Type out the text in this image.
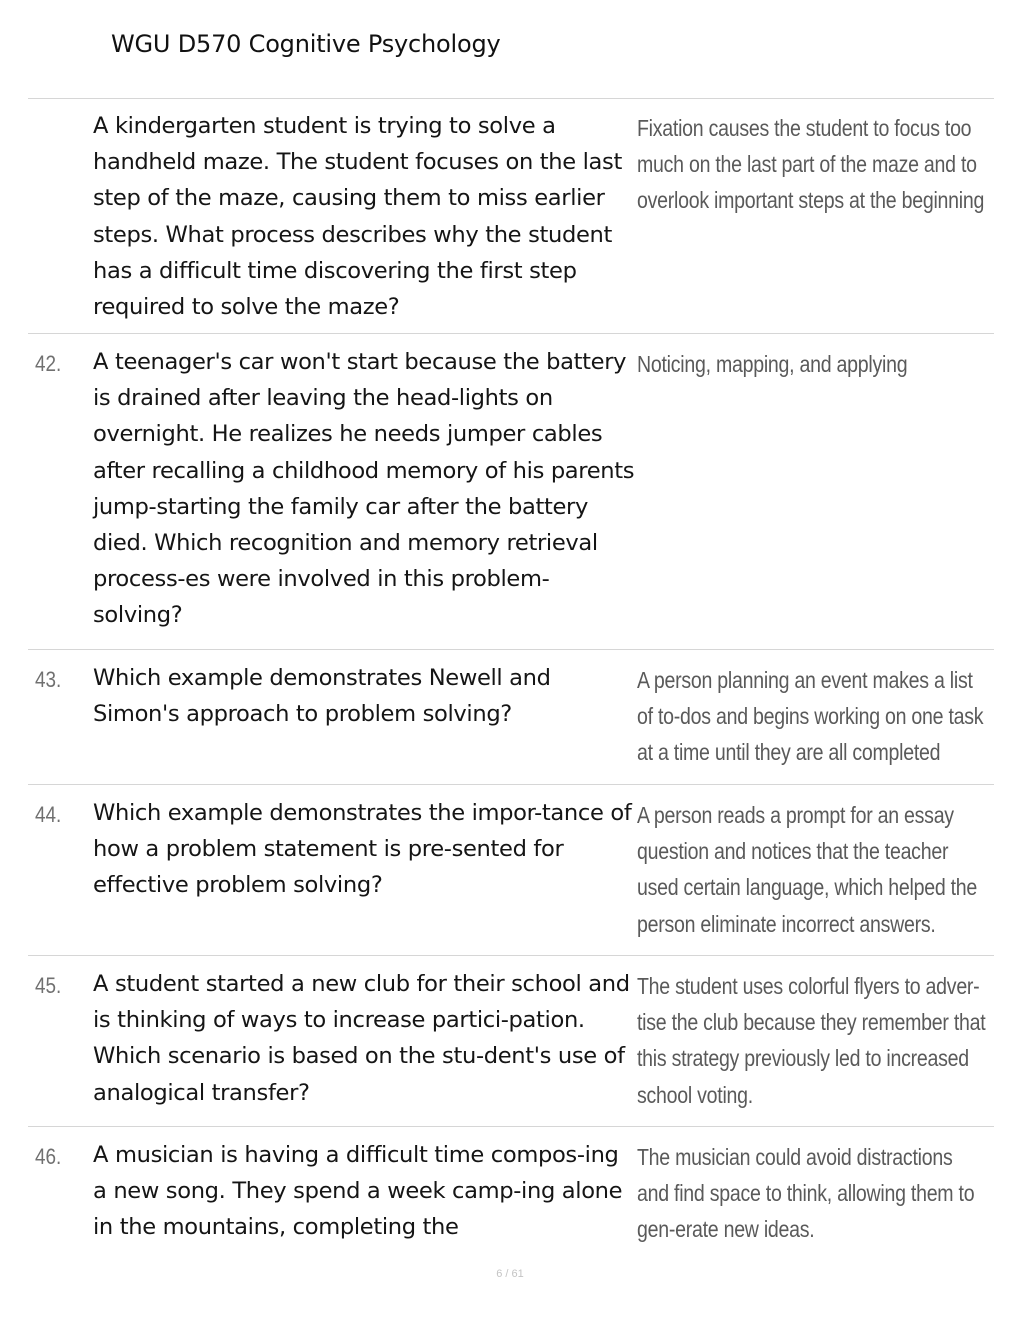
WGU D570 Cognitive Psychology

A kindergarten student is trying to solve a handheld maze. The student focuses on the last step of the maze, causing them to miss earlier steps. What process describes why the student has a difficult time discovering the first step required to solve the maze?

Fixation causes the student to focus too much on the last part of the maze and to overlook important steps at the beginning

42. A teenager's car won't start because the battery is drained after leaving the head-lights on overnight. He realizes he needs jumper cables after recalling a childhood memory of his parents jump-starting the family car after the battery died. Which recognition and memory retrieval process-es were involved in this problem-solving?

Noticing, mapping, and applying

43. Which example demonstrates Newell and Simon's approach to problem solving?

A person planning an event makes a list of to-dos and begins working on one task at a time until they are all completed

44. Which example demonstrates the impor-tance of how a problem statement is pre-sented for effective problem solving?

A person reads a prompt for an essay question and notices that the teacher used certain language, which helped the person eliminate incorrect answers.

45. A student started a new club for their school and is thinking of ways to increase partici-pation. Which scenario is based on the stu-dent's use of analogical transfer?

The student uses colorful flyers to adver-tise the club because they remember that this strategy previously led to increased school voting.

46. A musician is having a difficult time compos-ing a new song. They spend a week camp-ing alone in the mountains, completing the

The musician could avoid distractions and find space to think, allowing them to gen-erate new ideas.

6 / 61
